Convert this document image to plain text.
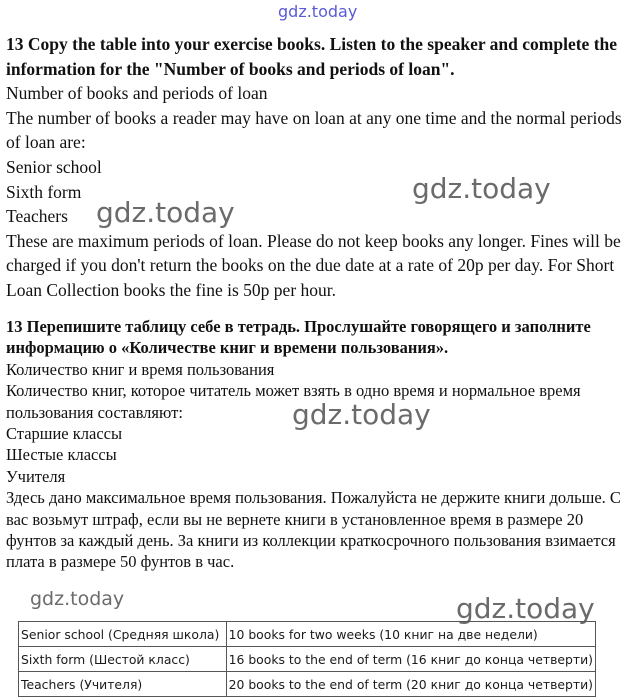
gdz.today
gdz.today
gdz.today
gdz.today
gdz.today	gdz.today

13 Copy the table into your exercise books. Listen to the speaker and complete the information for the "Number of books and periods of loan".

Number of books and periods of loan

The number of books a reader may have on loan at any one time and the normal periods of loan are:

Senior school

Sixth form

Teachers

These are maximum periods of loan. Please do not keep books any longer. Fines will be charged if you don't return the books on the due date at a rate of 20p per day. For Short Loan Collection books the fine is 50p per hour.

13 Перепишите таблицу себе в тетрадь. Прослушайте говорящего и заполните информацию о «Количестве книг и времени пользования».

Количество книг и время пользования

Количество книг, которое читатель может взять в одно время и нормальное время пользования составляют:

Старшие классы

Шестые классы

Учителя

Здесь дано максимальное время пользования. Пожалуйста не держите книги дольше. С вас возьмут штраф, если вы не вернете книги в установленное время в размере 20 фунтов за каждый день. За книги из коллекции краткосрочного пользования взимается плата в размере 50 фунтов в час.

Senior school (Средняя школа)	10 books for two weeks (10 книг на две недели)
Sixth form (Шестой класс)	16 books to the end of term (16 книг до конца четверти)
Teachers (Учителя)	20 books to the end of term (20 книг до конца четверти)
